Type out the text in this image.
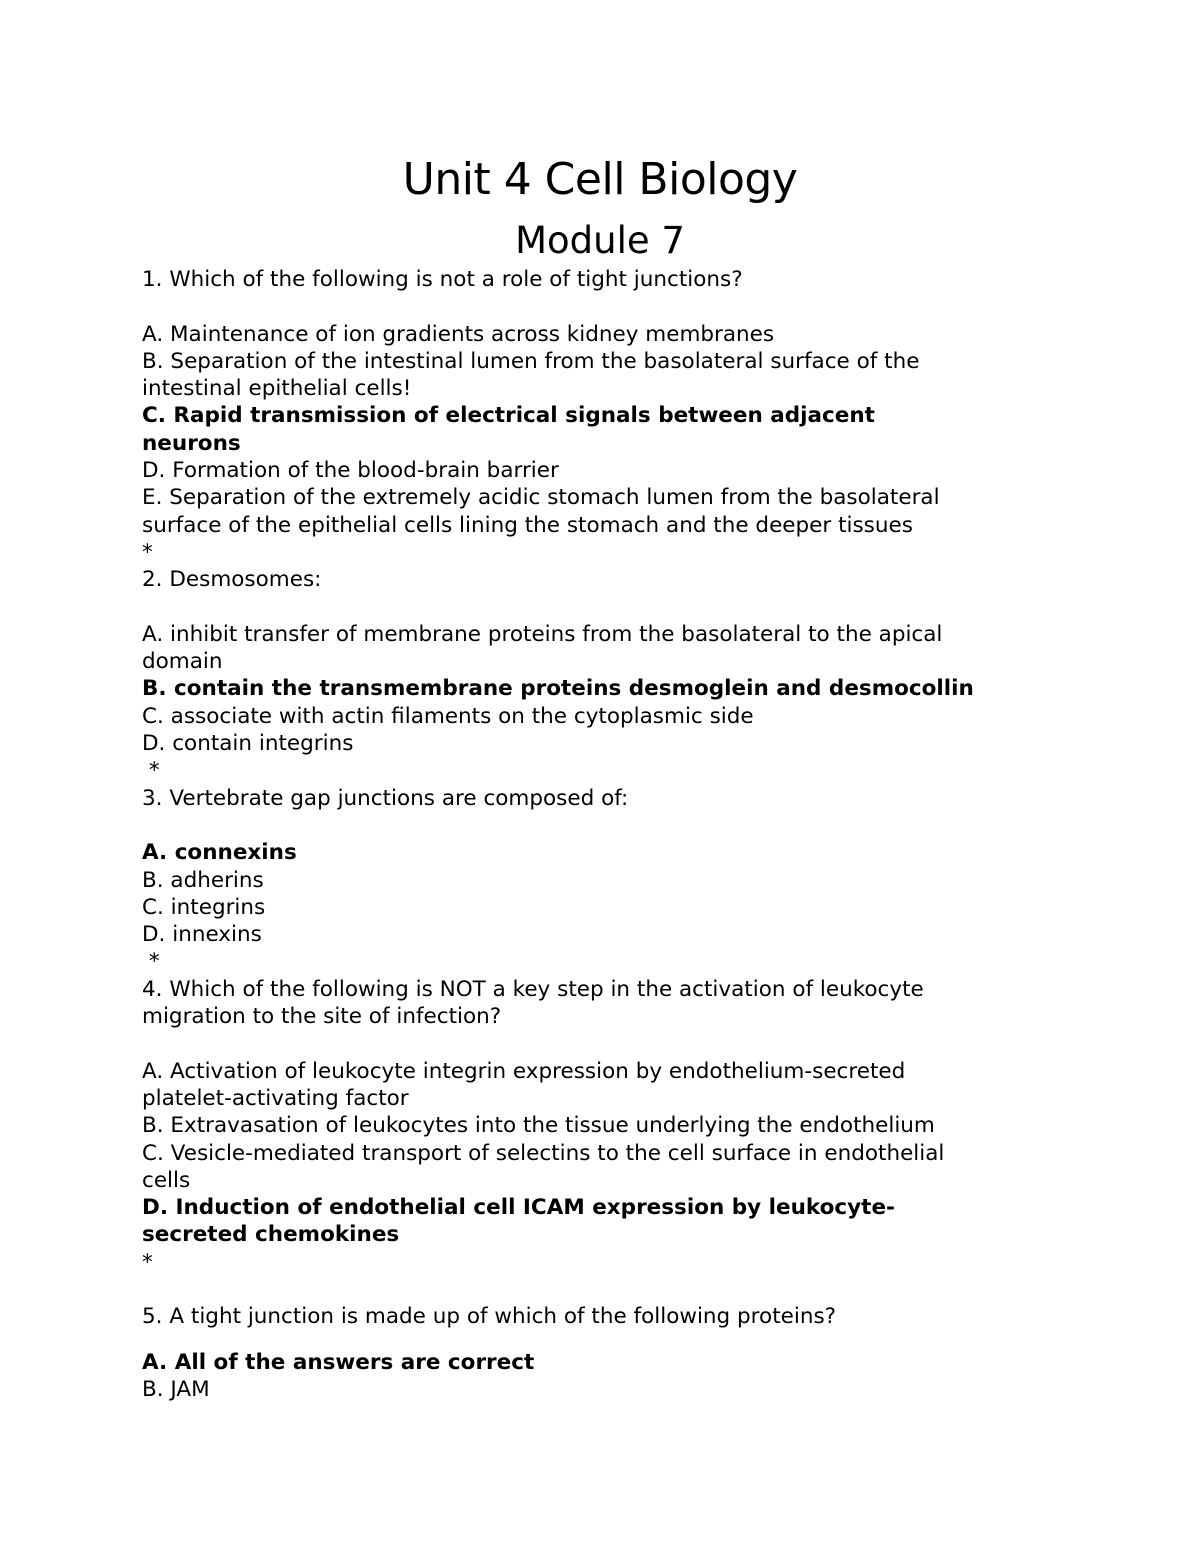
Unit 4 Cell Biology
Module 7

1. Which of the following is not a role of tight junctions?

A. Maintenance of ion gradients across kidney membranes

B. Separation of the intestinal lumen from the basolateral surface of the

intestinal epithelial cells!

C. Rapid transmission of electrical signals between adjacent

neurons

D. Formation of the blood-brain barrier

E. Separation of the extremely acidic stomach lumen from the basolateral

surface of the epithelial cells lining the stomach and the deeper tissues

*

2. Desmosomes:

A. inhibit transfer of membrane proteins from the basolateral to the apical

domain

B. contain the transmembrane proteins desmoglein and desmocollin

C. associate with actin filaments on the cytoplasmic side

D. contain integrins

*

3. Vertebrate gap junctions are composed of:

A. connexins

B. adherins

C. integrins

D. innexins

*

4. Which of the following is NOT a key step in the activation of leukocyte

migration to the site of infection?

A. Activation of leukocyte integrin expression by endothelium-secreted

platelet-activating factor

B. Extravasation of leukocytes into the tissue underlying the endothelium

C. Vesicle-mediated transport of selectins to the cell surface in endothelial

cells

D. Induction of endothelial cell ICAM expression by leukocyte-

secreted chemokines

*

5. A tight junction is made up of which of the following proteins?

A. All of the answers are correct

B. JAM
